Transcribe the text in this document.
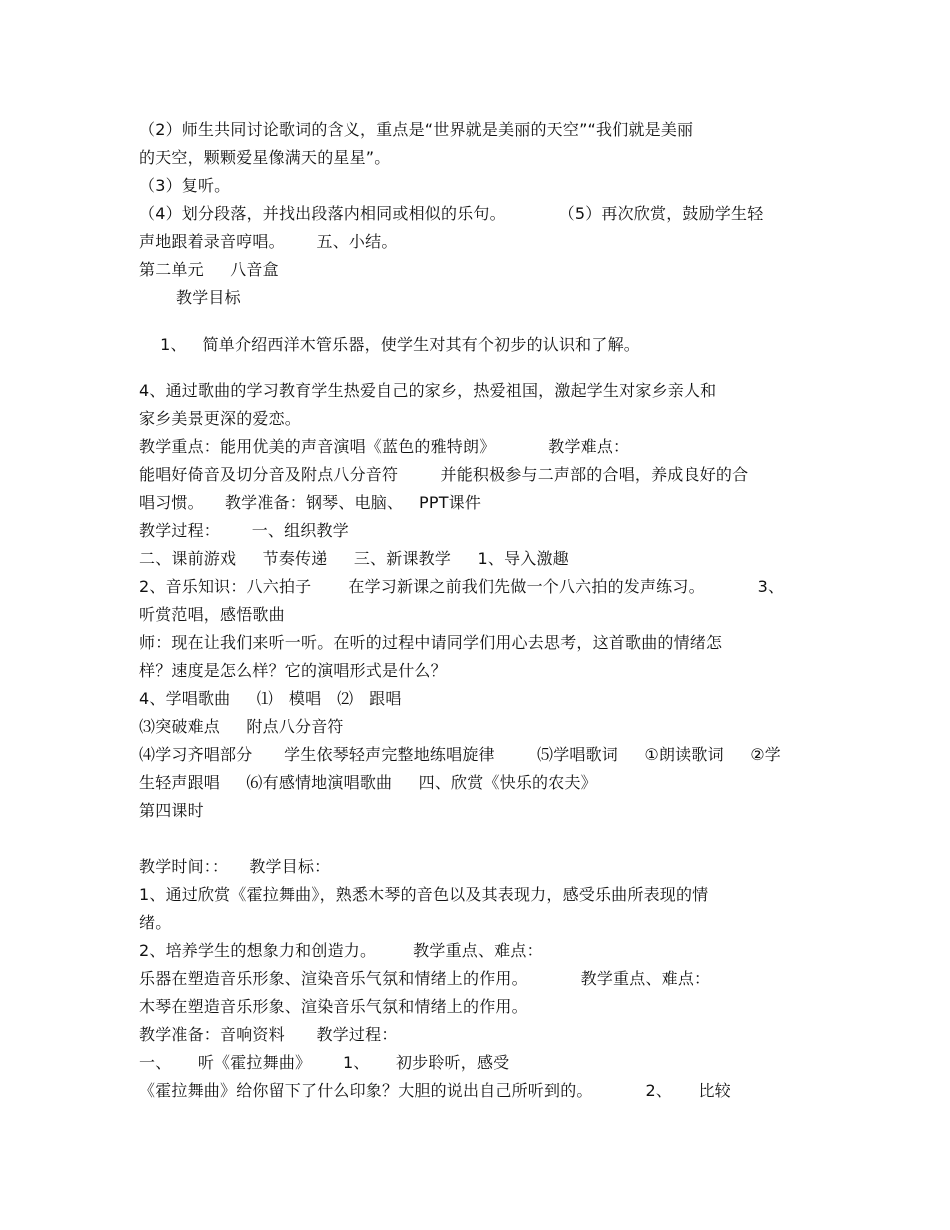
（2）师生共同讨论歌词的含义，重点是“世界就是美丽的天空”“我们就是美丽
的天空，颗颗爱星像满天的星星”。
（3）复听。
（4）划分段落，并找出段落内相同或相似的乐句。          （5）再次欣赏，鼓励学生轻
声地跟着录音哼唱。      五、小结。
第二单元     八音盒
教学目标
1、   简单介绍西洋木管乐器，使学生对其有个初步的认识和了解。
4、通过歌曲的学习教育学生热爱自己的家乡，热爱祖国，激起学生对家乡亲人和
家乡美景更深的爱恋。
教学重点：能用优美的声音演唱《蓝色的雅特朗》          教学难点：
能唱好倚音及切分音及附点八分音符        并能积极参与二声部的合唱，养成良好的合
唱习惯。    教学准备：钢琴、电脑、   PPT课件
教学过程：      一、组织教学
二、课前游戏     节奏传递     三、新课教学     1、导入激趣
2、音乐知识：八六拍子       在学习新课之前我们先做一个八六拍的发声练习。          3、
听赏范唱，感悟歌曲
师：现在让我们来听一听。在听的过程中请同学们用心去思考，这首歌曲的情绪怎
样？速度是怎么样？它的演唱形式是什么？
4、学唱歌曲     ⑴   模唱   ⑵   跟唱
⑶突破难点     附点八分音符
⑷学习齐唱部分      学生依琴轻声完整地练唱旋律        ⑸学唱歌词     ①朗读歌词     ②学
生轻声跟唱     ⑹有感情地演唱歌曲     四、欣赏《快乐的农夫》
第四课时
教学时间：：    教学目标：
1、通过欣赏《霍拉舞曲》，熟悉木琴的音色以及其表现力，感受乐曲所表现的情
绪。
2、培养学生的想象力和创造力。       教学重点、难点：
乐器在塑造音乐形象、渲染音乐气氛和情绪上的作用。          教学重点、难点：
木琴在塑造音乐形象、渲染音乐气氛和情绪上的作用。
教学准备：音响资料      教学过程：
一、     听《霍拉舞曲》      1、     初步聆听，感受
《霍拉舞曲》给你留下了什么印象？大胆的说出自己所听到的。          2、     比较
